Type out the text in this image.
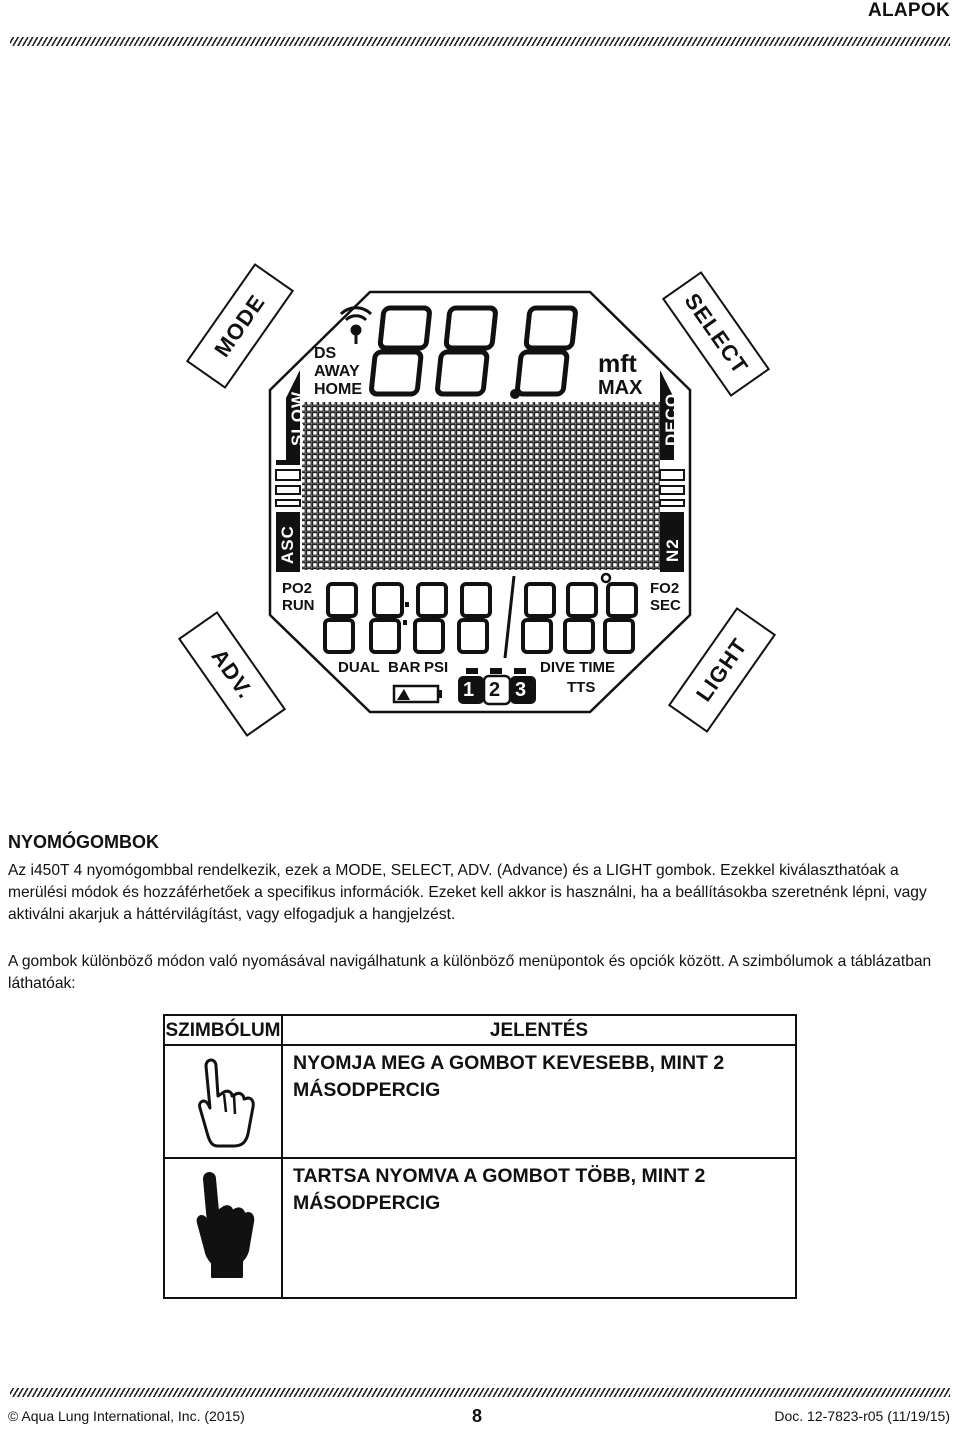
ALAPOK
MODE	SELECT
ADV.	LIGHT
DS
AWAY
HOME
mft
MAX
SLOW
ASC
DECO
N2
PO2
RUN
FO2
SEC
DUAL BAR PSI	DIVE TIME
TTS
1 2 3
NYOMÓGOMBOK

Az i450T 4 nyomógombbal rendelkezik, ezek a MODE, SELECT, ADV. (Advance) és a LIGHT gombok. Ezekkel kiválaszthatóak a merülési módok és hozzáférhetőek a specifikus információk. Ezeket kell akkor is használni, ha a beállításokba szeretnénk lépni, vagy aktiválni akarjuk a háttérvilágítást, vagy elfogadjuk a hangjelzést.

A gombok különböző módon való nyomásával navigálhatunk a különböző menüpontok és opciók között. A szimbólumok a táblázatban láthatóak:

SZIMBÓLUM	JELENTÉS
	NYOMJA MEG A GOMBOT KEVESEBB, MINT 2 MÁSODPERCIG
	TARTSA NYOMVA A GOMBOT TÖBB, MINT 2 MÁSODPERCIG
© Aqua Lung International, Inc. (2015)	8	Doc. 12-7823-r05 (11/19/15)
